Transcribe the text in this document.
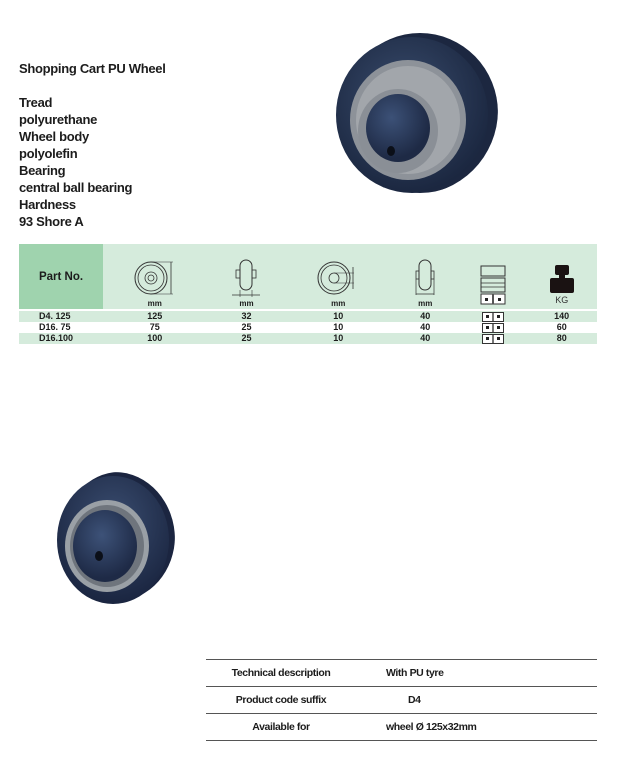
Shopping Cart PU Wheel
Tread
polyurethane
Wheel body
polyolefin
Bearing
central ball bearing
Hardness
93 Shore A
Part No.	mm	mm	mm	mm		KG

D4. 125	125	32	10	40		140
D16. 75	75	25	10	40		60
D16.100	100	25	10	40		80
Technical description	With PU tyre
Product code suffix	D4
Available for	wheel Ø 125x32mm
